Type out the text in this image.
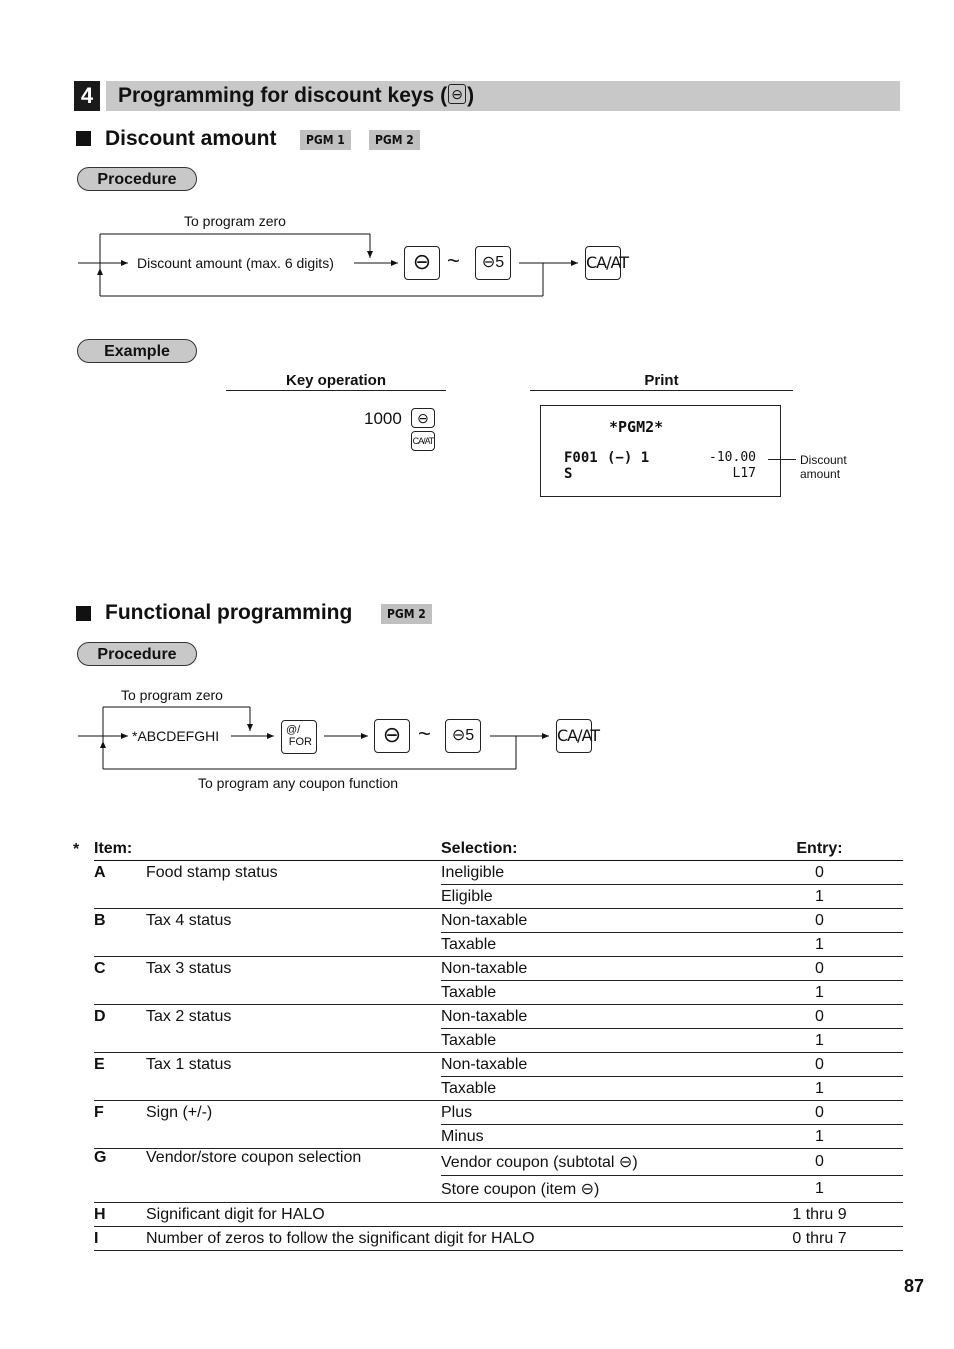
4	Programming for discount keys ( ⊖ )
Discount amount	PGM 1	PGM 2
Procedure
To program zero
Discount amount (max. 6 digits)	⊖ ~	⊖5	CA/AT
Example
Key operation	Print
1000	⊖
CA/AT
*PGM2*
F001 (−) 1	-10.00
S	L17
Discount amount
Functional programming	PGM 2
Procedure
To program zero
*ABCDEFGHI	@/
FOR	⊖ ~	⊖5	CA/AT
To program any coupon function
* Item:		Selection:	Entry:
A	Food stamp status	Ineligible	0
		Eligible	1
B	Tax 4 status	Non-taxable	0
		Taxable	1
C	Tax 3 status	Non-taxable	0
		Taxable	1
D	Tax 2 status	Non-taxable	0
		Taxable	1
E	Tax 1 status	Non-taxable	0
		Taxable	1
F	Sign (+/-)	Plus	0
		Minus	1
G	Vendor/store coupon selection	Vendor coupon (subtotal ⊖)	0
		Store coupon (item ⊖)	1
H	Significant digit for HALO		1 thru 9
I	Number of zeros to follow the significant digit for HALO		0 thru 7
87
